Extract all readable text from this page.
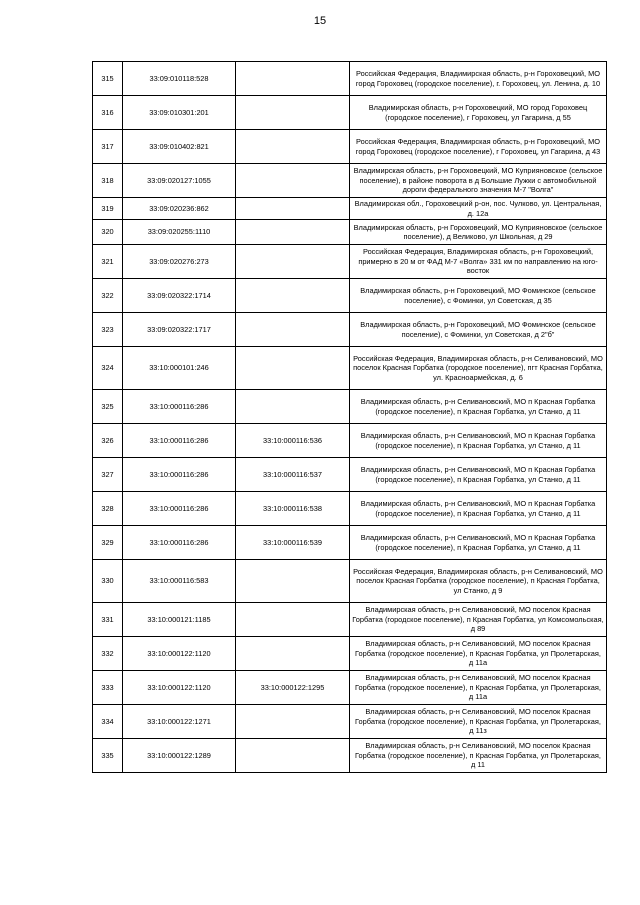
15
315	33:09:010118:528		Российская Федерация, Владимирская область, р-н Гороховецкий, МО город Гороховец (городское поселение), г. Гороховец, ул. Ленина, д. 10
316	33:09:010301:201		Владимирская область, р-н Гороховецкий, МО город Гороховец (городское поселение), г Гороховец, ул Гагарина, д 55
317	33:09:010402:821		Российская Федерация, Владимирская область, р-н Гороховецкий, МО город Гороховец (городское поселение), г Гороховец, ул Гагарина, д 43
318	33:09:020127:1055		Владимирская область, р-н Гороховецкий, МО Куприяновское (сельское поселение), в районе поворота в д Большие Лужки с автомобильной дороги федерального значения М-7 "Волга"
319	33:09:020236:862		Владимирская обл., Гороховецкий р-он, пос. Чулково, ул. Центральная, д. 12а
320	33:09:020255:1110		Владимирская область, р-н Гороховецкий, МО Куприяновское (сельское поселение), д Великово, ул Школьная, д 29
321	33:09:020276:273		Российская Федерация, Владимирская область, р-н Гороховецкий, примерно в 20 м от ФАД М-7 «Волга» 331 км по направлению на юго-восток
322	33:09:020322:1714		Владимирская область, р-н Гороховецкий, МО Фоминское (сельское поселение), с Фоминки, ул Советская, д 35
323	33:09:020322:1717		Владимирская область, р-н Гороховецкий, МО Фоминское (сельское поселение), с Фоминки, ул Советская, д 2"б"
324	33:10:000101:246		Российская Федерация, Владимирская область, р-н Селивановский, МО поселок Красная Горбатка (городское поселение), пгт Красная Горбатка, ул. Красноармейская, д. 6
325	33:10:000116:286		Владимирская область, р-н Селивановский, МО п Красная Горбатка (городское поселение), п Красная Горбатка, ул Станко, д 11
326	33:10:000116:286	33:10:000116:536	Владимирская область, р-н Селивановский, МО п Красная Горбатка (городское поселение), п Красная Горбатка, ул Станко, д 11
327	33:10:000116:286	33:10:000116:537	Владимирская область, р-н Селивановский, МО п Красная Горбатка (городское поселение), п Красная Горбатка, ул Станко, д 11
328	33:10:000116:286	33:10:000116:538	Владимирская область, р-н Селивановский, МО п Красная Горбатка (городское поселение), п Красная Горбатка, ул Станко, д 11
329	33:10:000116:286	33:10:000116:539	Владимирская область, р-н Селивановский, МО п Красная Горбатка (городское поселение), п Красная Горбатка, ул Станко, д 11
330	33:10:000116:583		Российская Федерация, Владимирская область, р-н Селивановский, МО поселок Красная Горбатка (городское поселение), п Красная Горбатка, ул Станко, д 9
331	33:10:000121:1185		Владимирская область, р-н Селивановский, МО поселок Красная Горбатка (городское поселение), п Красная Горбатка, ул Комсомольская, д 89
332	33:10:000122:1120		Владимирская область, р-н Селивановский, МО поселок Красная Горбатка (городское поселение), п Красная Горбатка, ул Пролетарская, д 11а
333	33:10:000122:1120	33:10:000122:1295	Владимирская область, р-н Селивановский, МО поселок Красная Горбатка (городское поселение), п Красная Горбатка, ул Пролетарская, д 11а
334	33:10:000122:1271		Владимирская область, р-н Селивановский, МО поселок Красная Горбатка (городское поселение), п Красная Горбатка, ул Пролетарская, д 11з
335	33:10:000122:1289		Владимирская область, р-н Селивановский, МО поселок Красная Горбатка (городское поселение), п Красная Горбатка, ул Пролетарская, д 11
